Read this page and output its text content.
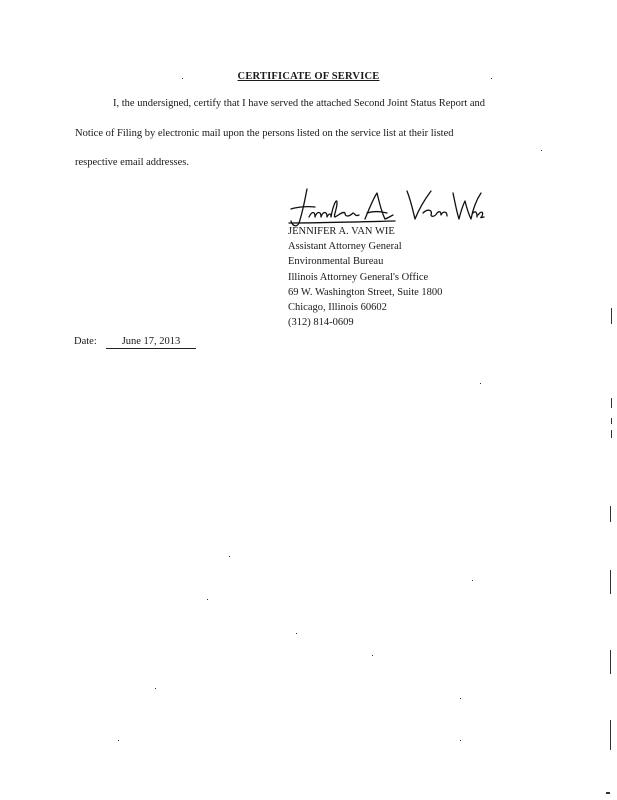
CERTIFICATE OF SERVICE
I, the undersigned, certify that I have served the attached Second Joint Status Report and
Notice of Filing by electronic mail upon the persons listed on the service list at their listed
respective email addresses.
JENNIFER A. VAN WIE
Assistant Attorney General
Environmental Bureau
Illinois Attorney General's Office
69 W. Washington Street, Suite 1800
Chicago, Illinois 60602
(312) 814-0609
Date:	June 17, 2013
